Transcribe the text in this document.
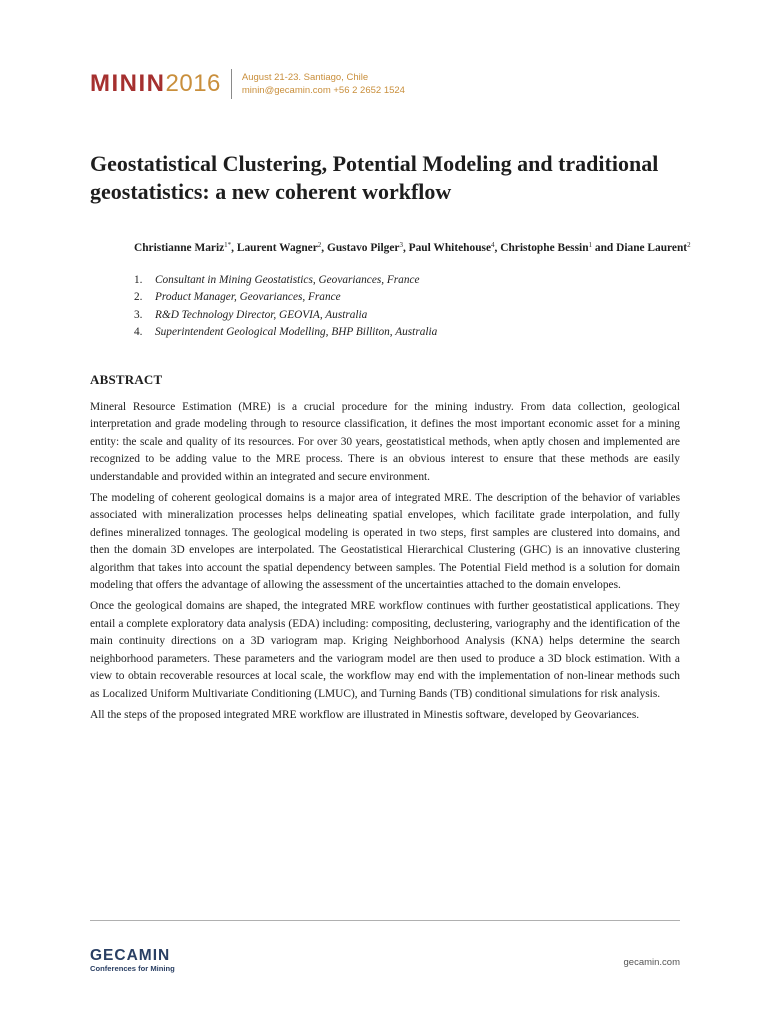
MININ2016 August 21-23. Santiago, Chile
minin@gecamin.com +56 2 2652 1524
Geostatistical Clustering, Potential Modeling and traditional geostatistics: a new coherent workflow
Christianne Mariz$^{1*}$, Laurent Wagner$^2$, Gustavo Pilger$^3$, Paul Whitehouse$^4$, Christophe Bessin$^1$ and Diane Laurent$^2$
1. Consultant in Mining Geostatistics, Geovariances, France
2. Product Manager, Geovariances, France
3. R&D Technology Director, GEOVIA, Australia
4. Superintendent Geological Modelling, BHP Billiton, Australia
ABSTRACT

Mineral Resource Estimation (MRE) is a crucial procedure for the mining industry. From data collection, geological interpretation and grade modeling through to resource classification, it defines the most important economic asset for a mining entity: the scale and quality of its resources. For over 30 years, geostatistical methods, when aptly chosen and implemented are recognized to be adding value to the MRE process. There is an obvious interest to ensure that these methods are easily understandable and provided within an integrated and secure environment.

The modeling of coherent geological domains is a major area of integrated MRE. The description of the behavior of variables associated with mineralization processes helps delineating spatial envelopes, which facilitate grade interpolation, and fully defines mineralized tonnages. The geological modeling is operated in two steps, first samples are clustered into domains, and then the domain 3D envelopes are interpolated. The Geostatistical Hierarchical Clustering (GHC) is an innovative clustering algorithm that takes into account the spatial dependency between samples. The Potential Field method is a solution for domain modeling that offers the advantage of allowing the assessment of the uncertainties attached to the domain envelopes.

Once the geological domains are shaped, the integrated MRE workflow continues with further geostatistical applications. They entail a complete exploratory data analysis (EDA) including: compositing, declustering, variography and the identification of the main continuity directions on a 3D variogram map. Kriging Neighborhood Analysis (KNA) helps determine the search neighborhood parameters. These parameters and the variogram model are then used to produce a 3D block estimation. With a view to obtain recoverable resources at local scale, the workflow may end with the implementation of non-linear methods such as Localized Uniform Multivariate Conditioning (LMUC), and Turning Bands (TB) conditional simulations for risk analysis.

All the steps of the proposed integrated MRE workflow are illustrated in Minestis software, developed by Geovariances.

GECAMIN
Conferences for Mining
gecamin.com
